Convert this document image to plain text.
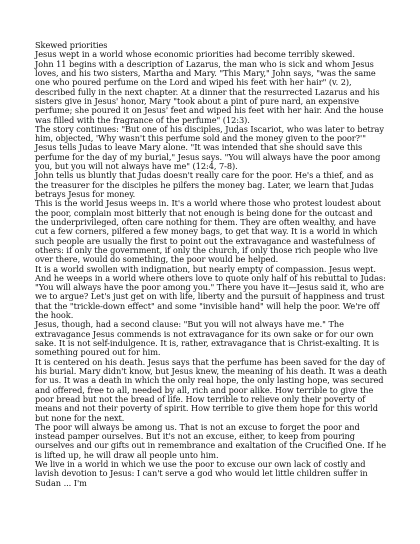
Skewed priorities

Jesus wept in a world whose economic priorities had become terribly skewed.

John 11 begins with a description of Lazarus, the man who is sick and whom Jesus loves, and his two sisters, Martha and Mary. "This Mary," John says, "was the same one who poured perfume on the Lord and wiped his feet with her hair" (v. 2), described fully in the next chapter. At a dinner that the resurrected Lazarus and his sisters give in Jesus' honor, Mary "took about a pint of pure nard, an expensive perfume; she poured it on Jesus' feet and wiped his feet with her hair. And the house was filled with the fragrance of the perfume" (12:3).

The story continues: "But one of his disciples, Judas Iscariot, who was later to betray him, objected, 'Why wasn't this perfume sold and the money given to the poor?'" Jesus tells Judas to leave Mary alone. "It was intended that she should save this perfume for the day of my burial," Jesus says. "You will always have the poor among you, but you will not always have me" (12:4, 7-8).

John tells us bluntly that Judas doesn't really care for the poor. He's a thief, and as the treasurer for the disciples he pilfers the money bag. Later, we learn that Judas betrays Jesus for money.

This is the world Jesus weeps in. It's a world where those who protest loudest about the poor, complain most bitterly that not enough is being done for the outcast and the underprivileged, often care nothing for them. They are often wealthy, and have cut a few corners, pilfered a few money bags, to get that way. It is a world in which such people are usually the first to point out the extravagance and wastefulness of others: if only the government, if only the church, if only those rich people who live over there, would do something, the poor would be helped.

It is a world swollen with indignation, but nearly empty of compassion. Jesus wept.

And he weeps in a world where others love to quote only half of his rebuttal to Judas: "You will always have the poor among you." There you have it—Jesus said it, who are we to argue? Let's just get on with life, liberty and the pursuit of happiness and trust that the "trickle-down effect" and some "invisible hand" will help the poor. We're off the hook.

Jesus, though, had a second clause: "But you will not always have me." The extravagance Jesus commends is not extravagance for its own sake or for our own sake. It is not self-indulgence. It is, rather, extravagance that is Christ-exalting. It is something poured out for him.

It is centered on his death. Jesus says that the perfume has been saved for the day of his burial. Mary didn't know, but Jesus knew, the meaning of his death. It was a death for us. It was a death in which the only real hope, the only lasting hope, was secured and offered, free to all, needed by all, rich and poor alike. How terrible to give the poor bread but not the bread of life. How terrible to relieve only their poverty of means and not their poverty of spirit. How terrible to give them hope for this world but none for the next.

The poor will always be among us. That is not an excuse to forget the poor and instead pamper ourselves. But it's not an excuse, either, to keep from pouring ourselves and our gifts out in remembrance and exaltation of the Crucified One. If he is lifted up, he will draw all people unto him.

We live in a world in which we use the poor to excuse our own lack of costly and lavish devotion to Jesus: I can't serve a god who would let little children suffer in Sudan ... I'm
